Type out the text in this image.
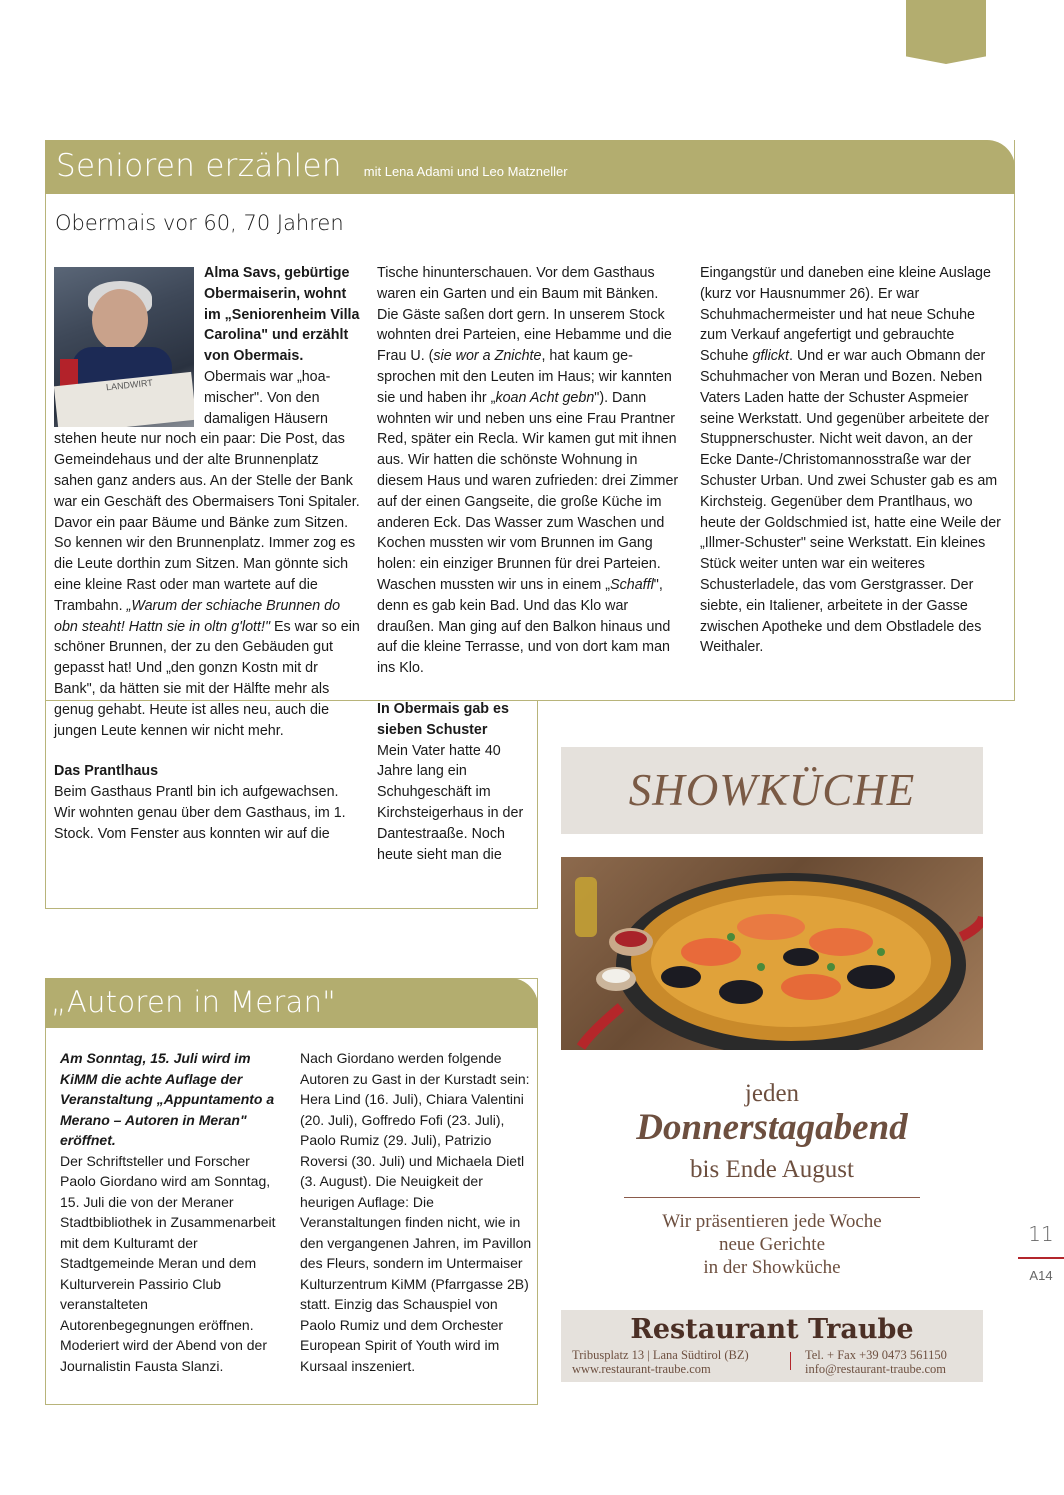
Senioren erzählen mit Lena Adami und Leo Matzneller
Obermais vor 60, 70 Jahren
LANDWIRT

Alma Savs, gebürtige Obermaiserin, wohnt im „Seniorenheim Villa Carolina" und erzählt von Obermais. Obermais war „hoamischer". Von den damaligen Häusern stehen heute nur noch ein paar: Die Post, das Gemeindehaus und der alte Brunnenplatz sahen ganz anders aus. An der Stelle der Bank war ein Geschäft des Obermaisers Toni Spitaler. Davor ein paar Bäume und Bänke zum Sitzen. So kennen wir den Brunnenplatz. Immer zog es die Leute dorthin zum Sitzen. Man gönnte sich eine kleine Rast oder man wartete auf die Trambahn. „Warum der schiache Brunnen do obn steaht! Hattn sie in oltn g'lott!" Es war so ein schöner Brunnen, der zu den Gebäuden gut gepasst hat! Und „den gonzn Kostn mit dr Bank", da hätten sie mit der Hälfte mehr als genug gehabt. Heute ist alles neu, auch die jungen Leute kennen wir nicht mehr.

Das Prantlhaus

Beim Gasthaus Prantl bin ich aufgewachsen. Wir wohnten genau über dem Gasthaus, im 1. Stock. Vom Fenster aus konnten wir auf die

Tische hinunterschauen. Vor dem Gasthaus waren ein Garten und ein Baum mit Bänken. Die Gäste saßen dort gern. In unserem Stock wohnten drei Parteien, eine Hebamme und die Frau U. (sie wor a Znichte, hat kaum gesprochen mit den Leuten im Haus; wir kannten sie und haben ihr „koan Acht gebn"). Dann wohnten wir und neben uns eine Frau Prantner Red, später ein Recla. Wir kamen gut mit ihnen aus. Wir hatten die schönste Wohnung in diesem Haus und waren zufrieden: drei Zimmer auf der einen Gangseite, die große Küche im anderen Eck. Das Wasser zum Waschen und Kochen mussten wir vom Brunnen im Gang holen: ein einziger Brunnen für drei Parteien. Waschen mussten wir uns in einem „Schaffl", denn es gab kein Bad. Und das Klo war draußen. Man ging auf den Balkon hinaus und auf die kleine Terrasse, und von dort kam man ins Klo.

In Obermais gab es sieben Schuster

Mein Vater hatte 40 Jahre lang ein Schuhgeschäft im Kirchsteigerhaus in der Dantestraaße. Noch heute sieht man die

Eingangstür und daneben eine kleine Auslage (kurz vor Hausnummer 26). Er war Schuhmachermeister und hat neue Schuhe zum Verkauf angefertigt und gebrauchte Schuhe gflickt. Und er war auch Obmann der Schuhmacher von Meran und Bozen. Neben Vaters Laden hatte der Schuster Aspmeier seine Werkstatt. Und gegenüber arbeitete der Stuppnerschuster. Nicht weit davon, an der Ecke Dante-/Christomannosstraße war der Schuster Urban. Und zwei Schuster gab es am Kirchsteig. Gegenüber dem Prantlhaus, wo heute der Goldschmied ist, hatte eine Weile der „Illmer-Schuster" seine Werkstatt. Ein kleines Stück weiter unten war ein weiteres Schusterladele, das vom Gerstgrasser. Der siebte, ein Italiener, arbeitete in der Gasse zwischen Apotheke und dem Obstladele des Weithaler.

„Autoren in Meran"

Am Sonntag, 15. Juli wird im KiMM die achte Auflage der Veranstaltung „Appuntamento a Merano – Autoren in Meran" eröffnet.

Der Schriftsteller und Forscher Paolo Giordano wird am Sonntag, 15. Juli die von der Meraner Stadtbibliothek in Zusammenarbeit mit dem Kulturamt der Stadtgemeinde Meran und dem Kulturverein Passirio Club veranstalteten Autorenbegegnungen eröffnen. Moderiert wird der Abend von der Journalistin Fausta Slanzi.

Nach Giordano werden folgende Autoren zu Gast in der Kurstadt sein: Hera Lind (16. Juli), Chiara Valentini (20. Juli), Goffredo Fofi (23. Juli), Paolo Rumiz (29. Juli), Patrizio Roversi (30. Juli) und Michaela Dietl (3. August). Die Neuigkeit der heurigen Auflage: Die Veranstaltungen finden nicht, wie in den vergangenen Jahren, im Pavillon des Fleurs, sondern im Untermaiser Kulturzentrum KiMM (Pfarrgasse 2B) statt. Einzig das Schauspiel von Paolo Rumiz und dem Orchester European Spirit of Youth wird im Kursaal inszeniert.

SHOWKÜCHE
jeden
Donnerstagabend
bis Ende August
Wir präsentieren jede Woche
neue Gerichte
in der Showküche
Restaurant Traube
Tribusplatz 13 | Lana Südtirol (BZ)
www.restaurant-traube.com
Tel. + Fax +39 0473 561150
info@restaurant-traube.com
11
A14
